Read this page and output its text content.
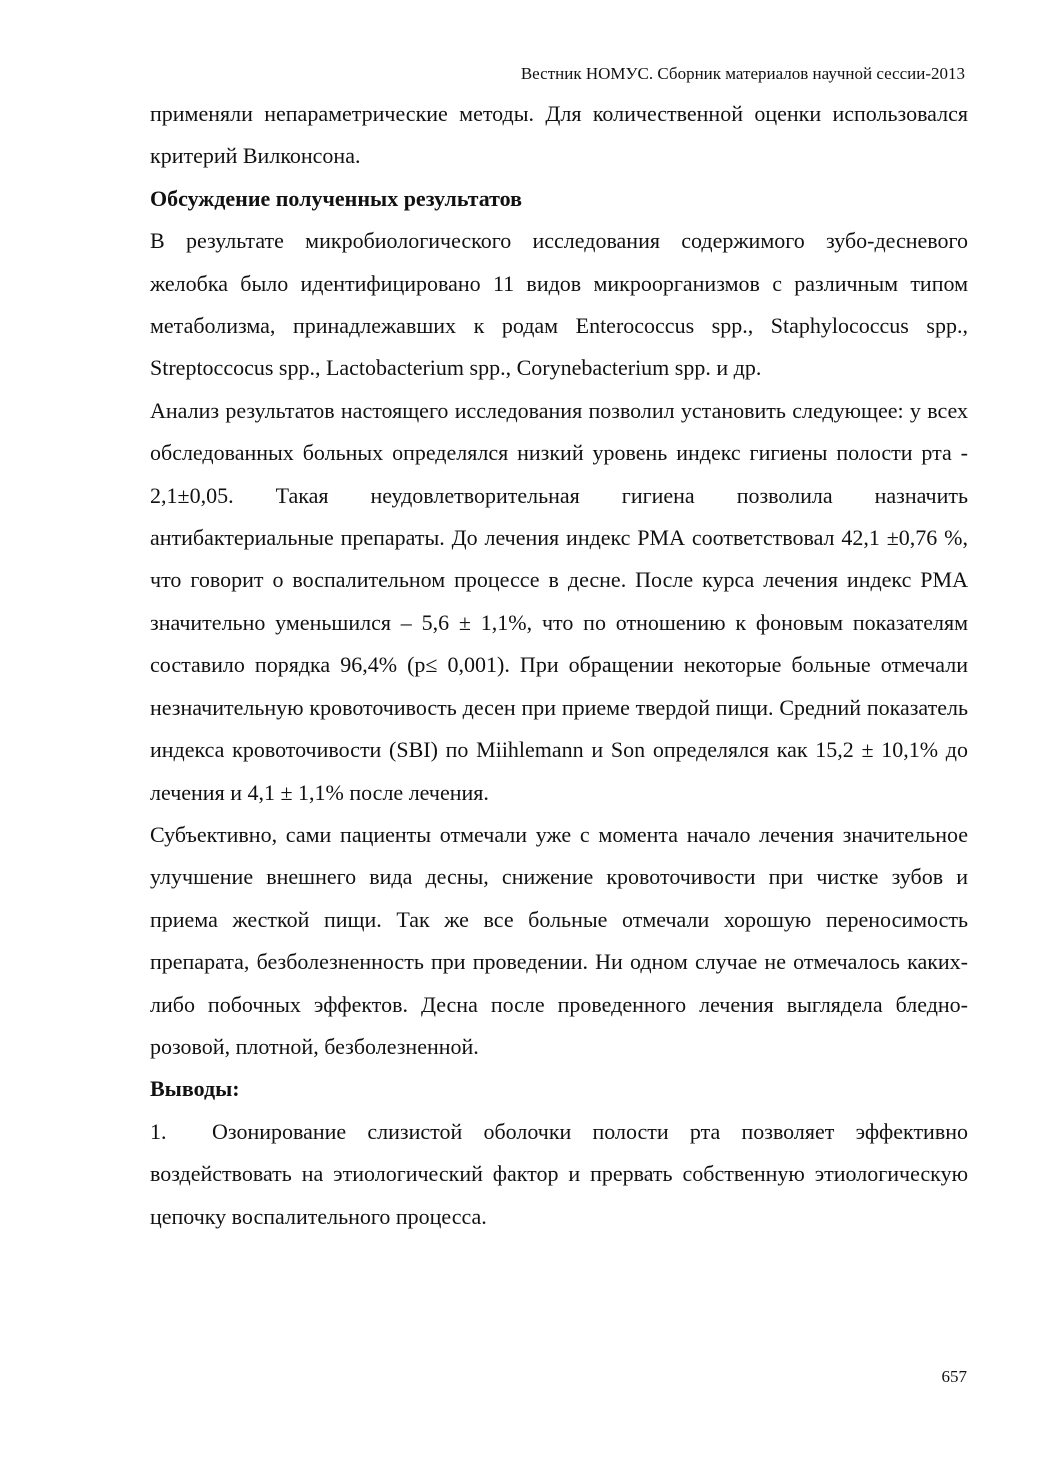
Вестник НОМУС. Сборник материалов научной сессии-2013

применяли непараметрические методы. Для количественной оценки использовался критерий Вилконсона.

Обсуждение полученных результатов

В результате микробиологического исследования содержимого зубо-десневого желобка было идентифицировано 11 видов микроорганизмов с различным типом метаболизма, принадлежавших к родам Enterococcus spp., Staphylococcus spp., Streptoccocus spp., Lactobacterium spp., Corynebacterium spp. и др.

Анализ результатов настоящего исследования позволил установить следующее: у всех обследованных больных определялся низкий уровень индекс гигиены полости рта - 2,1±0,05. Такая неудовлетворительная гигиена позволила назначить антибактериальные препараты. До лечения индекс РМА соответствовал 42,1 ±0,76 %, что говорит о воспалительном процессе в десне. После курса лечения индекс РМА значительно уменьшился – 5,6 ± 1,1%, что по отношению к фоновым показателям составило порядка 96,4% (p≤ 0,001). При обращении некоторые больные отмечали незначительную кровоточивость десен при приеме твердой пищи. Средний показатель индекса кровоточивости (SBI) по Miihlemann и Son определялся как 15,2 ± 10,1% до лечения и 4,1 ± 1,1% после лечения.

Субъективно, сами пациенты отмечали уже с момента начало лечения значительное улучшение внешнего вида десны, снижение кровоточивости при чистке зубов и приема жесткой пищи. Так же все больные отмечали хорошую переносимость препарата, безболезненность при проведении. Ни одном случае не отмечалось каких-либо побочных эффектов. Десна после проведенного лечения выглядела бледно-розовой, плотной, безболезненной.

Выводы:

1. Озонирование слизистой оболочки полости рта позволяет эффективно воздействовать на этиологический фактор и прервать собственную этиологическую цепочку воспалительного процесса.

657
